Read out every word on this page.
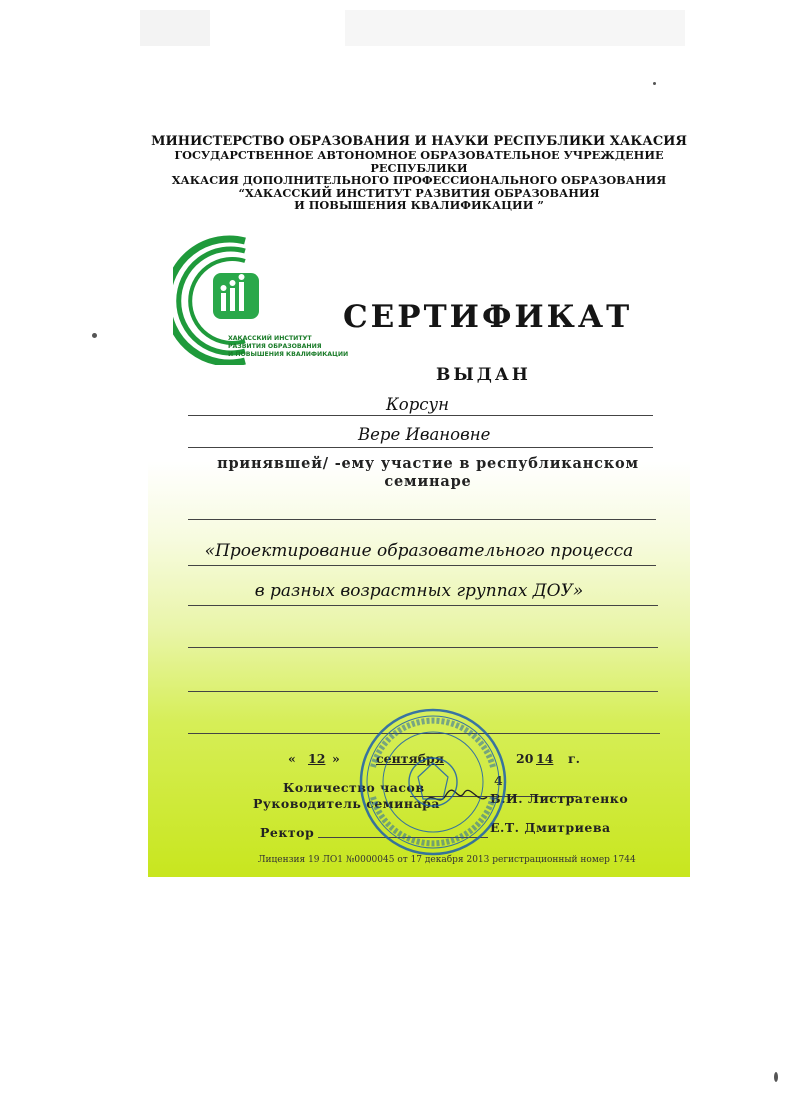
МИНИСТЕРСТВО ОБРАЗОВАНИЯ И НАУКИ РЕСПУБЛИКИ ХАКАСИЯ
ГОСУДАРСТВЕННОЕ АВТОНОМНОЕ ОБРАЗОВАТЕЛЬНОЕ УЧРЕЖДЕНИЕ РЕСПУБЛИКИ
ХАКАСИЯ ДОПОЛНИТЕЛЬНОГО ПРОФЕССИОНАЛЬНОГО ОБРАЗОВАНИЯ
“ХАКАССКИЙ ИНСТИТУТ РАЗВИТИЯ ОБРАЗОВАНИЯ
И ПОВЫШЕНИЯ КВАЛИФИКАЦИИ ”
ХАКАССКИЙ ИНСТИТУТ
РАЗВИТИЯ ОБРАЗОВАНИЯ
И ПОВЫШЕНИЯ КВАЛИФИКАЦИИ
СЕРТИФИКАТ
ВЫДАН
Корсун
Вере Ивановне
принявшей/ -ему участие в республиканском семинаре
«Проектирование образовательного процесса
в разных возрастных группах ДОУ»
« 12 »	сентября	20 14 г.
Количество часов	4
Руководитель семинара	В.И. Листратенко
Ректор	Е.Т. Дмитриева
Лицензия 19 ЛО1 №0000045 от 17 декабря 2013 регистрационный номер 1744
